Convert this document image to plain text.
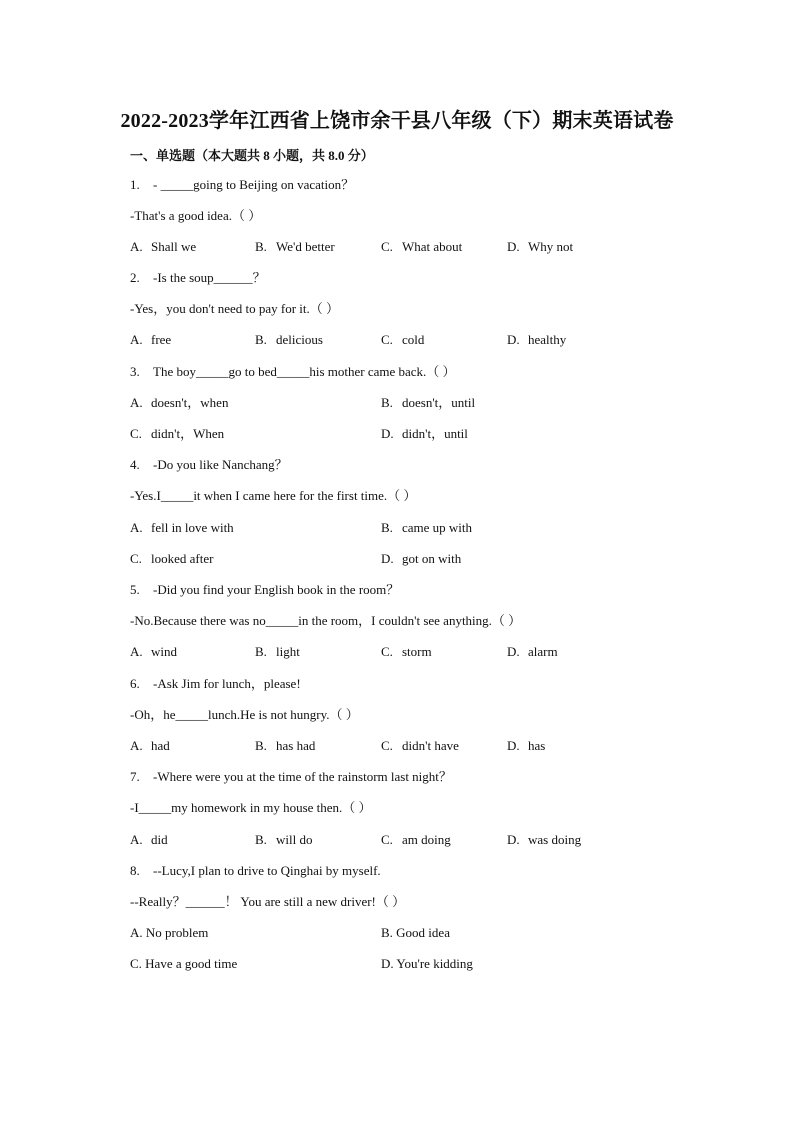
2022-2023学年江西省上饶市余干县八年级（下）期末英语试卷
一、单选题（本大题共 8 小题，共 8.0 分）
1. - _____going to Beijing on vacation？
-That's a good idea.（ ）
A. Shall we	B. We'd better	C. What about	D. Why not
2. -Is the soup______？
-Yes，you don't need to pay for it.（ ）
A. free	B. delicious	C. cold	D. healthy
3. The boy_____go to bed_____his mother came back.（ ）
A. doesn't，when	B. doesn't，until
C. didn't，When	D. didn't，until
4. -Do you like Nanchang？
-Yes.I_____it when I came here for the first time.（ ）
A. fell in love with	B. came up with
C. looked after	D. got on with
5. -Did you find your English book in the room？
-No.Because there was no_____in the room，I couldn't see anything.（ ）
A. wind	B. light	C. storm	D. alarm
6. -Ask Jim for lunch，please!
-Oh，he_____lunch.He is not hungry.（ ）
A. had	B. has had	C. didn't have	D. has
7. -Where were you at the time of the rainstorm last night？
-I_____my homework in my house then.（ ）
A. did	B. will do	C. am doing	D. was doing
8. --Lucy,I plan to drive to Qinghai by myself.
--Really？______！ You are still a new driver!（ ）
A. No problem	B. Good idea
C. Have a good time	D. You're kidding
